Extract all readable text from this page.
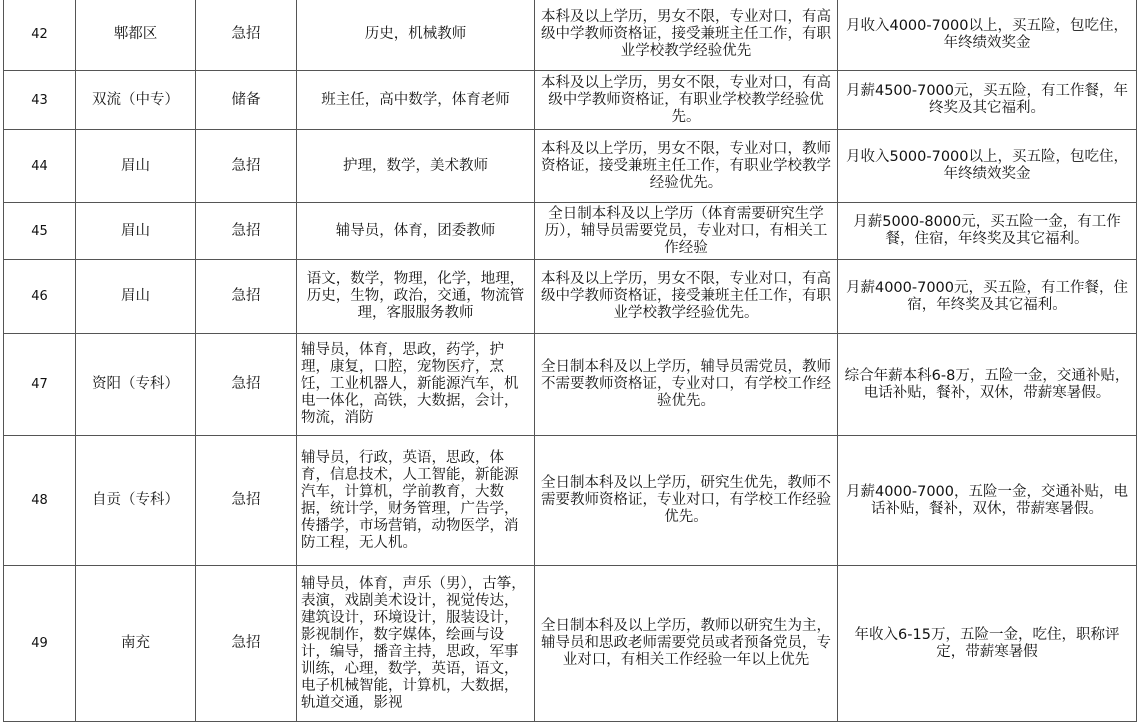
42	郫都区	急招	历史，机械教师	本科及以上学历，男女不限，专业对口，有高级中学教师资格证，接受兼班主任工作，有职业学校教学经验优先	月收入4000-7000以上，买五险，包吃住，年终绩效奖金
43	双流（中专）	储备	班主任，高中数学，体育老师	本科及以上学历，男女不限，专业对口，有高级中学教师资格证，有职业学校教学经验优先。	月薪4500-7000元，买五险，有工作餐，年终奖及其它福利。
44	眉山	急招	护理，数学，美术教师	本科及以上学历，男女不限，专业对口，教师资格证，接受兼班主任工作，有职业学校教学经验优先。	月收入5000-7000以上，买五险，包吃住，年终绩效奖金
45	眉山	急招	辅导员，体育，团委教师	全日制本科及以上学历（体育需要研究生学历），辅导员需要党员，专业对口，有相关工作经验	月薪5000-8000元，买五险一金，有工作餐，住宿，年终奖及其它福利。
46	眉山	急招	语文，数学，物理，化学，地理，历史，生物，政治，交通，物流管理，客服服务教师	本科及以上学历，男女不限，专业对口，有高级中学教师资格证，接受兼班主任工作，有职业学校教学经验优先。	月薪4000-7000元，买五险，有工作餐，住宿，年终奖及其它福利。
47	资阳（专科）	急招	辅导员，体育，思政，药学，护理，康复，口腔，宠物医疗，烹饪，工业机器人，新能源汽车，机电一体化，高铁，大数据，会计，物流，消防	全日制本科及以上学历，辅导员需党员，教师不需要教师资格证，专业对口，有学校工作经验优先。	综合年薪本科6-8万，五险一金，交通补贴，电话补贴，餐补，双休，带薪寒暑假。
48	自贡（专科）	急招	辅导员，行政，英语，思政，体育，信息技术，人工智能，新能源汽车，计算机，学前教育，大数据，统计学，财务管理，广告学，传播学，市场营销，动物医学，消防工程，无人机。	全日制本科及以上学历，研究生优先，教师不需要教师资格证，专业对口，有学校工作经验优先。	月薪4000-7000，五险一金，交通补贴，电话补贴，餐补，双休，带薪寒暑假。
49	南充	急招	辅导员，体育，声乐（男），古筝，表演，戏剧美术设计，视觉传达，建筑设计，环境设计，服装设计，影视制作，数字媒体，绘画与设计，编导，播音主持，思政，军事训练，心理，数学，英语，语文，电子机械智能，计算机，大数据，轨道交通，影视	全日制本科及以上学历，教师以研究生为主，辅导员和思政老师需要党员或者预备党员，专业对口，有相关工作经验一年以上优先	年收入6-15万，五险一金，吃住，职称评定，带薪寒暑假
